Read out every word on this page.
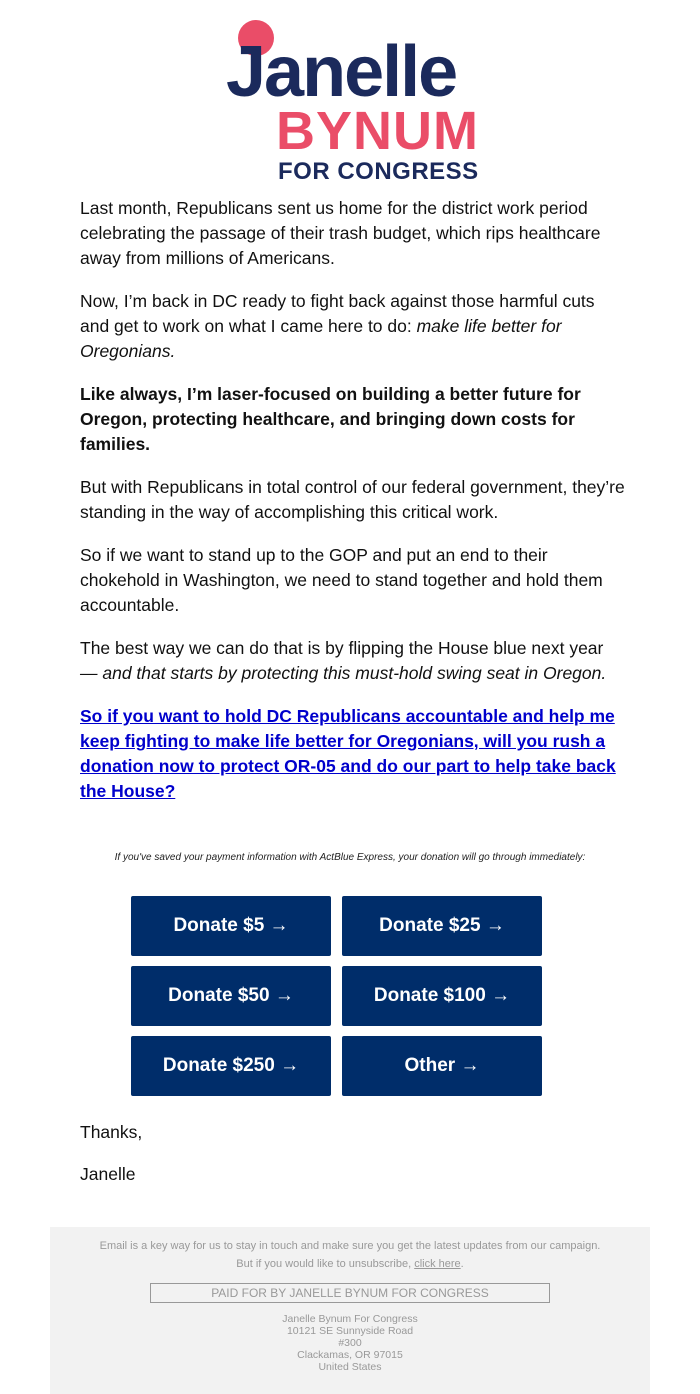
Janelle
BYNUM
FOR CONGRESS

Last month, Republicans sent us home for the district work period celebrating the passage of their trash budget, which rips healthcare away from millions of Americans.

Now, I’m back in DC ready to fight back against those harmful cuts and get to work on what I came here to do: make life better for Oregonians.

Like always, I’m laser-focused on building a better future for Oregon, protecting healthcare, and bringing down costs for families.

But with Republicans in total control of our federal government, they’re standing in the way of accomplishing this critical work.

So if we want to stand up to the GOP and put an end to their chokehold in Washington, we need to stand together and hold them accountable.

The best way we can do that is by flipping the House blue next year — and that starts by protecting this must-hold swing seat in Oregon.

So if you want to hold DC Republicans accountable and help me keep fighting to make life better for Oregonians, will you rush a donation now to protect OR-05 and do our part to help take back the House?

If you've saved your payment information with ActBlue Express, your donation will go through immediately:
Donate $5 →	Donate $25 →
Donate $50 →	Donate $100 →
Donate $250 →	Other →
Thanks,
Janelle
Email is a key way for us to stay in touch and make sure you get the latest updates from our campaign.
But if you would like to unsubscribe, click here.
PAID FOR BY JANELLE BYNUM FOR CONGRESS
Janelle Bynum For Congress
10121 SE Sunnyside Road
#300
Clackamas, OR 97015
United States
